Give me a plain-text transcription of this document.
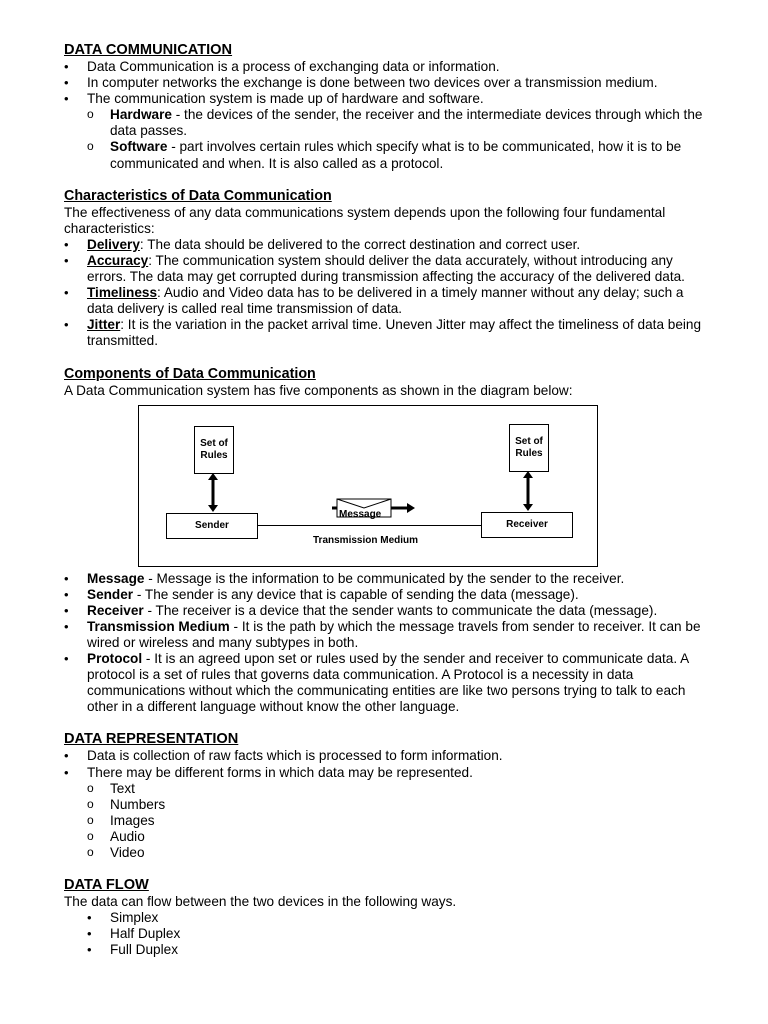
DATA COMMUNICATION

• Data Communication is a process of exchanging data or information.
• In computer networks the exchange is done between two devices over a transmission medium.
• The communication system is made up of hardware and software.
o Hardware - the devices of the sender, the receiver and the intermediate devices through which the data passes.
o Software - part involves certain rules which specify what is to be communicated, how it is to be communicated and when. It is also called as a protocol.

Characteristics of Data Communication

The effectiveness of any data communications system depends upon the following four fundamental characteristics:

• Delivery: The data should be delivered to the correct destination and correct user.
• Accuracy: The communication system should deliver the data accurately, without introducing any errors. The data may get corrupted during transmission affecting the accuracy of the delivered data.
• Timeliness: Audio and Video data has to be delivered in a timely manner without any delay; such a data delivery is called real time transmission of data.
• Jitter: It is the variation in the packet arrival time. Uneven Jitter may affect the timeliness of data being transmitted.

Components of Data Communication

A Data Communication system has five components as shown in the diagram below:

Set of Rules
Set of Rules
Sender	Receiver
Message
Transmission Medium
• Message - Message is the information to be communicated by the sender to the receiver.
• Sender - The sender is any device that is capable of sending the data (message).
• Receiver - The receiver is a device that the sender wants to communicate the data (message).
• Transmission Medium - It is the path by which the message travels from sender to receiver. It can be wired or wireless and many subtypes in both.
• Protocol - It is an agreed upon set or rules used by the sender and receiver to communicate data. A protocol is a set of rules that governs data communication. A Protocol is a necessity in data communications without which the communicating entities are like two persons trying to talk to each other in a different language without know the other language.

DATA REPRESENTATION

• Data is collection of raw facts which is processed to form information.
• There may be different forms in which data may be represented.
o Text
o Numbers
o Images
o Audio
o Video

DATA FLOW

The data can flow between the two devices in the following ways.

• Simplex
• Half Duplex
• Full Duplex
